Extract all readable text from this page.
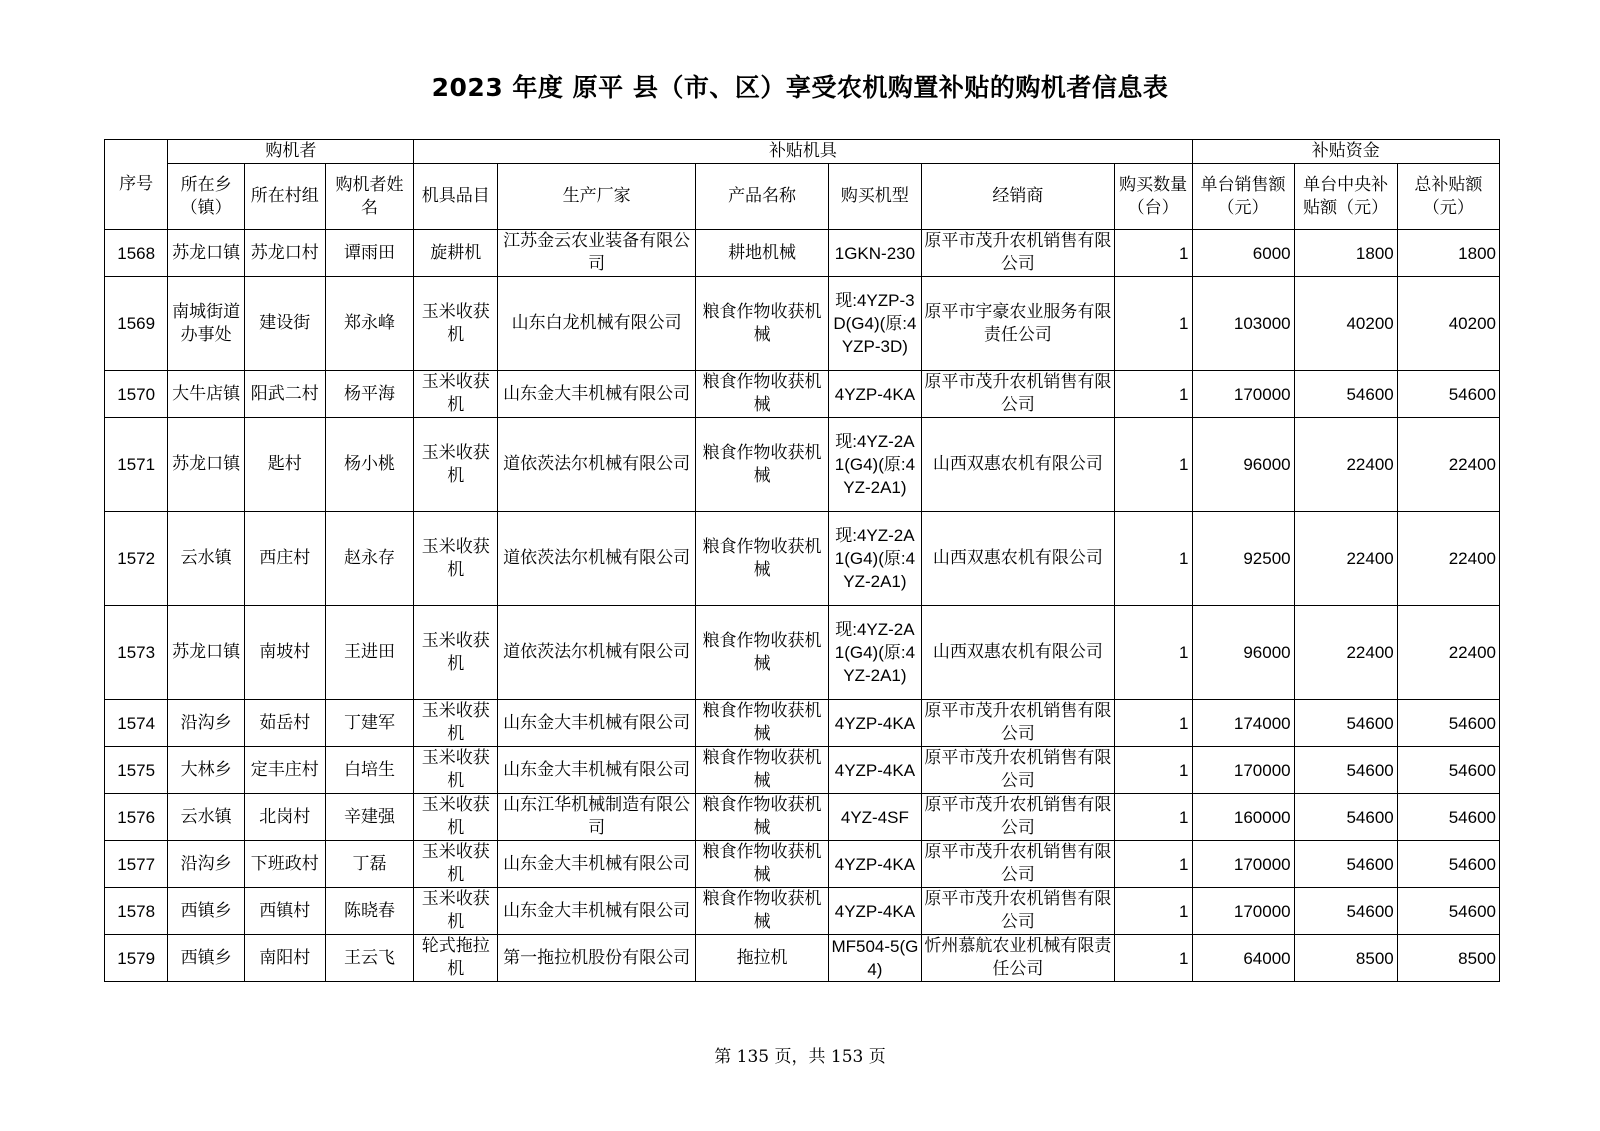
2023 年度 原平 县（市、区）享受农机购置补贴的购机者信息表
序号	购机者			补贴机具						补贴资金		
	所在乡（镇）	所在村组	购机者姓名	机具品目	生产厂家	产品名称	购买机型	经销商	购买数量（台）	单台销售额（元）	单台中央补贴额（元）	总补贴额（元）
1568	苏龙口镇	苏龙口村	谭雨田	旋耕机	江苏金云农业装备有限公司	耕地机械	1GKN-230	原平市茂升农机销售有限公司	1	6000	1800	1800
1569	南城街道办事处	建设街	郑永峰	玉米收获机	山东白龙机械有限公司	粮食作物收获机械	现:4YZP-3D(G4)(原:4YZP-3D)	原平市宇豪农业服务有限责任公司	1	103000	40200	40200
1570	大牛店镇	阳武二村	杨平海	玉米收获机	山东金大丰机械有限公司	粮食作物收获机械	4YZP-4KA	原平市茂升农机销售有限公司	1	170000	54600	54600
1571	苏龙口镇	匙村	杨小桃	玉米收获机	道依茨法尔机械有限公司	粮食作物收获机械	现:4YZ-2A1(G4)(原:4YZ-2A1)	山西双惠农机有限公司	1	96000	22400	22400
1572	云水镇	西庄村	赵永存	玉米收获机	道依茨法尔机械有限公司	粮食作物收获机械	现:4YZ-2A1(G4)(原:4YZ-2A1)	山西双惠农机有限公司	1	92500	22400	22400
1573	苏龙口镇	南坡村	王进田	玉米收获机	道依茨法尔机械有限公司	粮食作物收获机械	现:4YZ-2A1(G4)(原:4YZ-2A1)	山西双惠农机有限公司	1	96000	22400	22400
1574	沿沟乡	茹岳村	丁建军	玉米收获机	山东金大丰机械有限公司	粮食作物收获机械	4YZP-4KA	原平市茂升农机销售有限公司	1	174000	54600	54600
1575	大林乡	定丰庄村	白培生	玉米收获机	山东金大丰机械有限公司	粮食作物收获机械	4YZP-4KA	原平市茂升农机销售有限公司	1	170000	54600	54600
1576	云水镇	北岗村	辛建强	玉米收获机	山东江华机械制造有限公司	粮食作物收获机械	4YZ-4SF	原平市茂升农机销售有限公司	1	160000	54600	54600
1577	沿沟乡	下班政村	丁磊	玉米收获机	山东金大丰机械有限公司	粮食作物收获机械	4YZP-4KA	原平市茂升农机销售有限公司	1	170000	54600	54600
1578	西镇乡	西镇村	陈晓春	玉米收获机	山东金大丰机械有限公司	粮食作物收获机械	4YZP-4KA	原平市茂升农机销售有限公司	1	170000	54600	54600
1579	西镇乡	南阳村	王云飞	轮式拖拉机	第一拖拉机股份有限公司	拖拉机	MF504-5(G4)	忻州慕航农业机械有限责任公司	1	64000	8500	8500
第 135 页，共 153 页
